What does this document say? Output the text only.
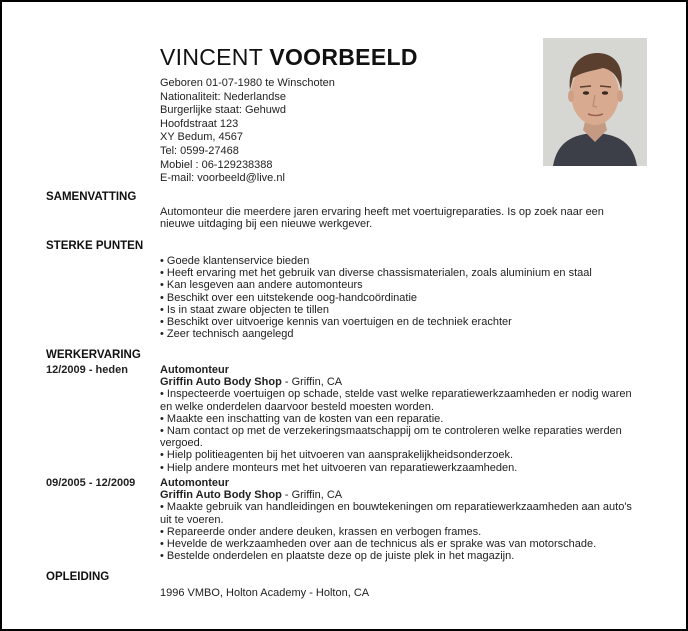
VINCENT VOORBEELD
Geboren 01-07-1980 te Winschoten
Nationaliteit: Nederlandse
Burgerlijke staat: Gehuwd
Hoofdstraat 123
XY Bedum, 4567
Tel: 0599-27468
Mobiel : 06-129238388
E-mail: voorbeeld@live.nl
SAMENVATTING
Automonteur die meerdere jaren ervaring heeft met voertuigreparaties. Is op zoek naar een nieuwe uitdaging bij een nieuwe werkgever.
STERKE PUNTEN
• Goede klantenservice bieden
• Heeft ervaring met het gebruik van diverse chassismaterialen, zoals aluminium en staal
• Kan lesgeven aan andere automonteurs
• Beschikt over een uitstekende oog-handcoördinatie
• Is in staat zware objecten te tillen
• Beschikt over uitvoerige kennis van voertuigen en de techniek erachter
• Zeer technisch aangelegd
WERKERVARING
12/2009 - heden	Automonteur
Griffin Auto Body Shop - Griffin, CA
• Inspecteerde voertuigen op schade, stelde vast welke reparatiewerkzaamheden er nodig waren en welke onderdelen daarvoor besteld moesten worden.
• Maakte een inschatting van de kosten van een reparatie.
• Nam contact op met de verzekeringsmaatschappij om te controleren welke reparaties werden vergoed.
• Hielp politieagenten bij het uitvoeren van aansprakelijkheidsonderzoek.
• Hielp andere monteurs met het uitvoeren van reparatiewerkzaamheden.
09/2005 - 12/2009 Automonteur
Griffin Auto Body Shop - Griffin, CA
• Maakte gebruik van handleidingen en bouwtekeningen om reparatiewerkzaamheden aan auto's uit te voeren.
• Repareerde onder andere deuken, krassen en verbogen frames.
• Hevelde de werkzaamheden over aan de technicus als er sprake was van motorschade.
• Bestelde onderdelen en plaatste deze op de juiste plek in het magazijn.
OPLEIDING
1996 VMBO, Holton Academy - Holton, CA
